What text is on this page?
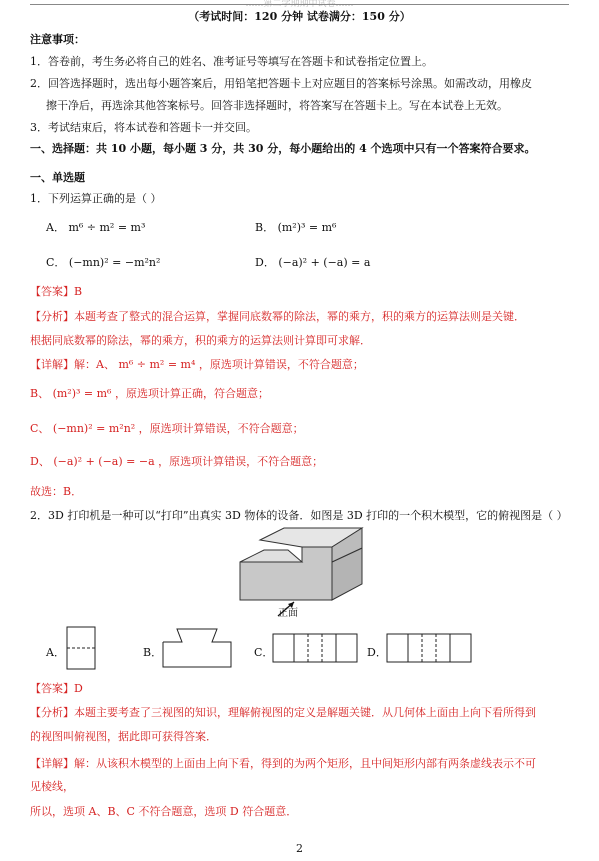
……第二学期期中试卷……
（考试时间：120 分钟 试卷满分：150 分）
注意事项：
1．答卷前，考生务必将自己的姓名、准考证号等填写在答题卡和试卷指定位置上。
2．回答选择题时，选出每小题答案后，用铅笔把答题卡上对应题目的答案标号涂黑。如需改动，用橡皮
擦干净后，再选涂其他答案标号。回答非选择题时，将答案写在答题卡上。写在本试卷上无效。
3．考试结束后，将本试卷和答题卡一并交回。
一、选择题：共 10 小题，每小题 3 分，共 30 分，每小题给出的 4 个选项中只有一个答案符合要求。
一、单选题
1．下列运算正确的是（ ）
A． m⁶ ÷ m² = m³	B． (m²)³ = m⁶
C． (−mn)² = −m²n²	D． (−a)² + (−a) = a
【答案】B
【分析】本题考查了整式的混合运算，掌握同底数幂的除法，幂的乘方，积的乘方的运算法则是关键．
根据同底数幂的除法，幂的乘方，积的乘方的运算法则计算即可求解．
【详解】解：A、 m⁶ ÷ m² = m⁴ ，原选项计算错误，不符合题意；
B、 (m²)³ = m⁶ ，原选项计算正确，符合题意；
C、 (−mn)² = m²n² ，原选项计算错误，不符合题意；
D、 (−a)² + (−a) = −a ，原选项计算错误，不符合题意；
故选：B．
2．3D 打印机是一种可以“打印”出真实 3D 物体的设备．如图是 3D 打印的一个积木模型，它的俯视图是（ ）
正面
A．	B．	C．	D．
【答案】D
【分析】本题主要考查了三视图的知识，理解俯视图的定义是解题关键．从几何体上面由上向下看所得到
的视图叫俯视图，据此即可获得答案．
【详解】解：从该积木模型的上面由上向下看，得到的为两个矩形，且中间矩形内部有两条虚线表示不可
见棱线，
所以，选项 A、B、C 不符合题意，选项 D 符合题意．
2
